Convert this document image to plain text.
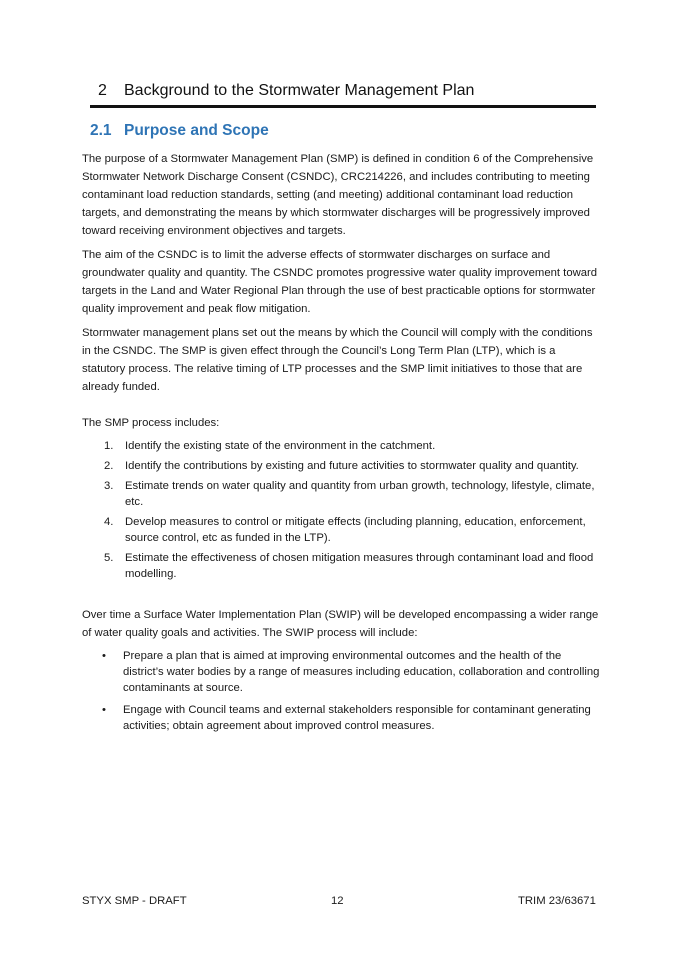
2 Background to the Stormwater Management Plan
2.1 Purpose and Scope

The purpose of a Stormwater Management Plan (SMP) is defined in condition 6 of the Comprehensive Stormwater Network Discharge Consent (CSNDC), CRC214226, and includes contributing to meeting contaminant load reduction standards, setting (and meeting) additional contaminant load reduction targets, and demonstrating the means by which stormwater discharges will be progressively improved toward receiving environment objectives and targets.

The aim of the CSNDC is to limit the adverse effects of stormwater discharges on surface and groundwater quality and quantity. The CSNDC promotes progressive water quality improvement toward targets in the Land and Water Regional Plan through the use of best practicable options for stormwater quality improvement and peak flow mitigation.

Stormwater management plans set out the means by which the Council will comply with the conditions in the CSNDC. The SMP is given effect through the Council’s Long Term Plan (LTP), which is a statutory process. The relative timing of LTP processes and the SMP limit initiatives to those that are already funded.

The SMP process includes:

1.	Identify the existing state of the environment in the catchment.
2.	Identify the contributions by existing and future activities to stormwater quality and quantity.
3.	Estimate trends on water quality and quantity from urban growth, technology, lifestyle, climate, etc.
4.	Develop measures to control or mitigate effects (including planning, education, enforcement, source control, etc as funded in the LTP).
5.	Estimate the effectiveness of chosen mitigation measures through contaminant load and flood modelling.

Over time a Surface Water Implementation Plan (SWIP) will be developed encompassing a wider range of water quality goals and activities. The SWIP process will include:

• Prepare a plan that is aimed at improving environmental outcomes and the health of the district’s water bodies by a range of measures including education, collaboration and controlling contaminants at source.
• Engage with Council teams and external stakeholders responsible for contaminant generating activities; obtain agreement about improved control measures.
STYX SMP - DRAFT	12	TRIM 23/63671
